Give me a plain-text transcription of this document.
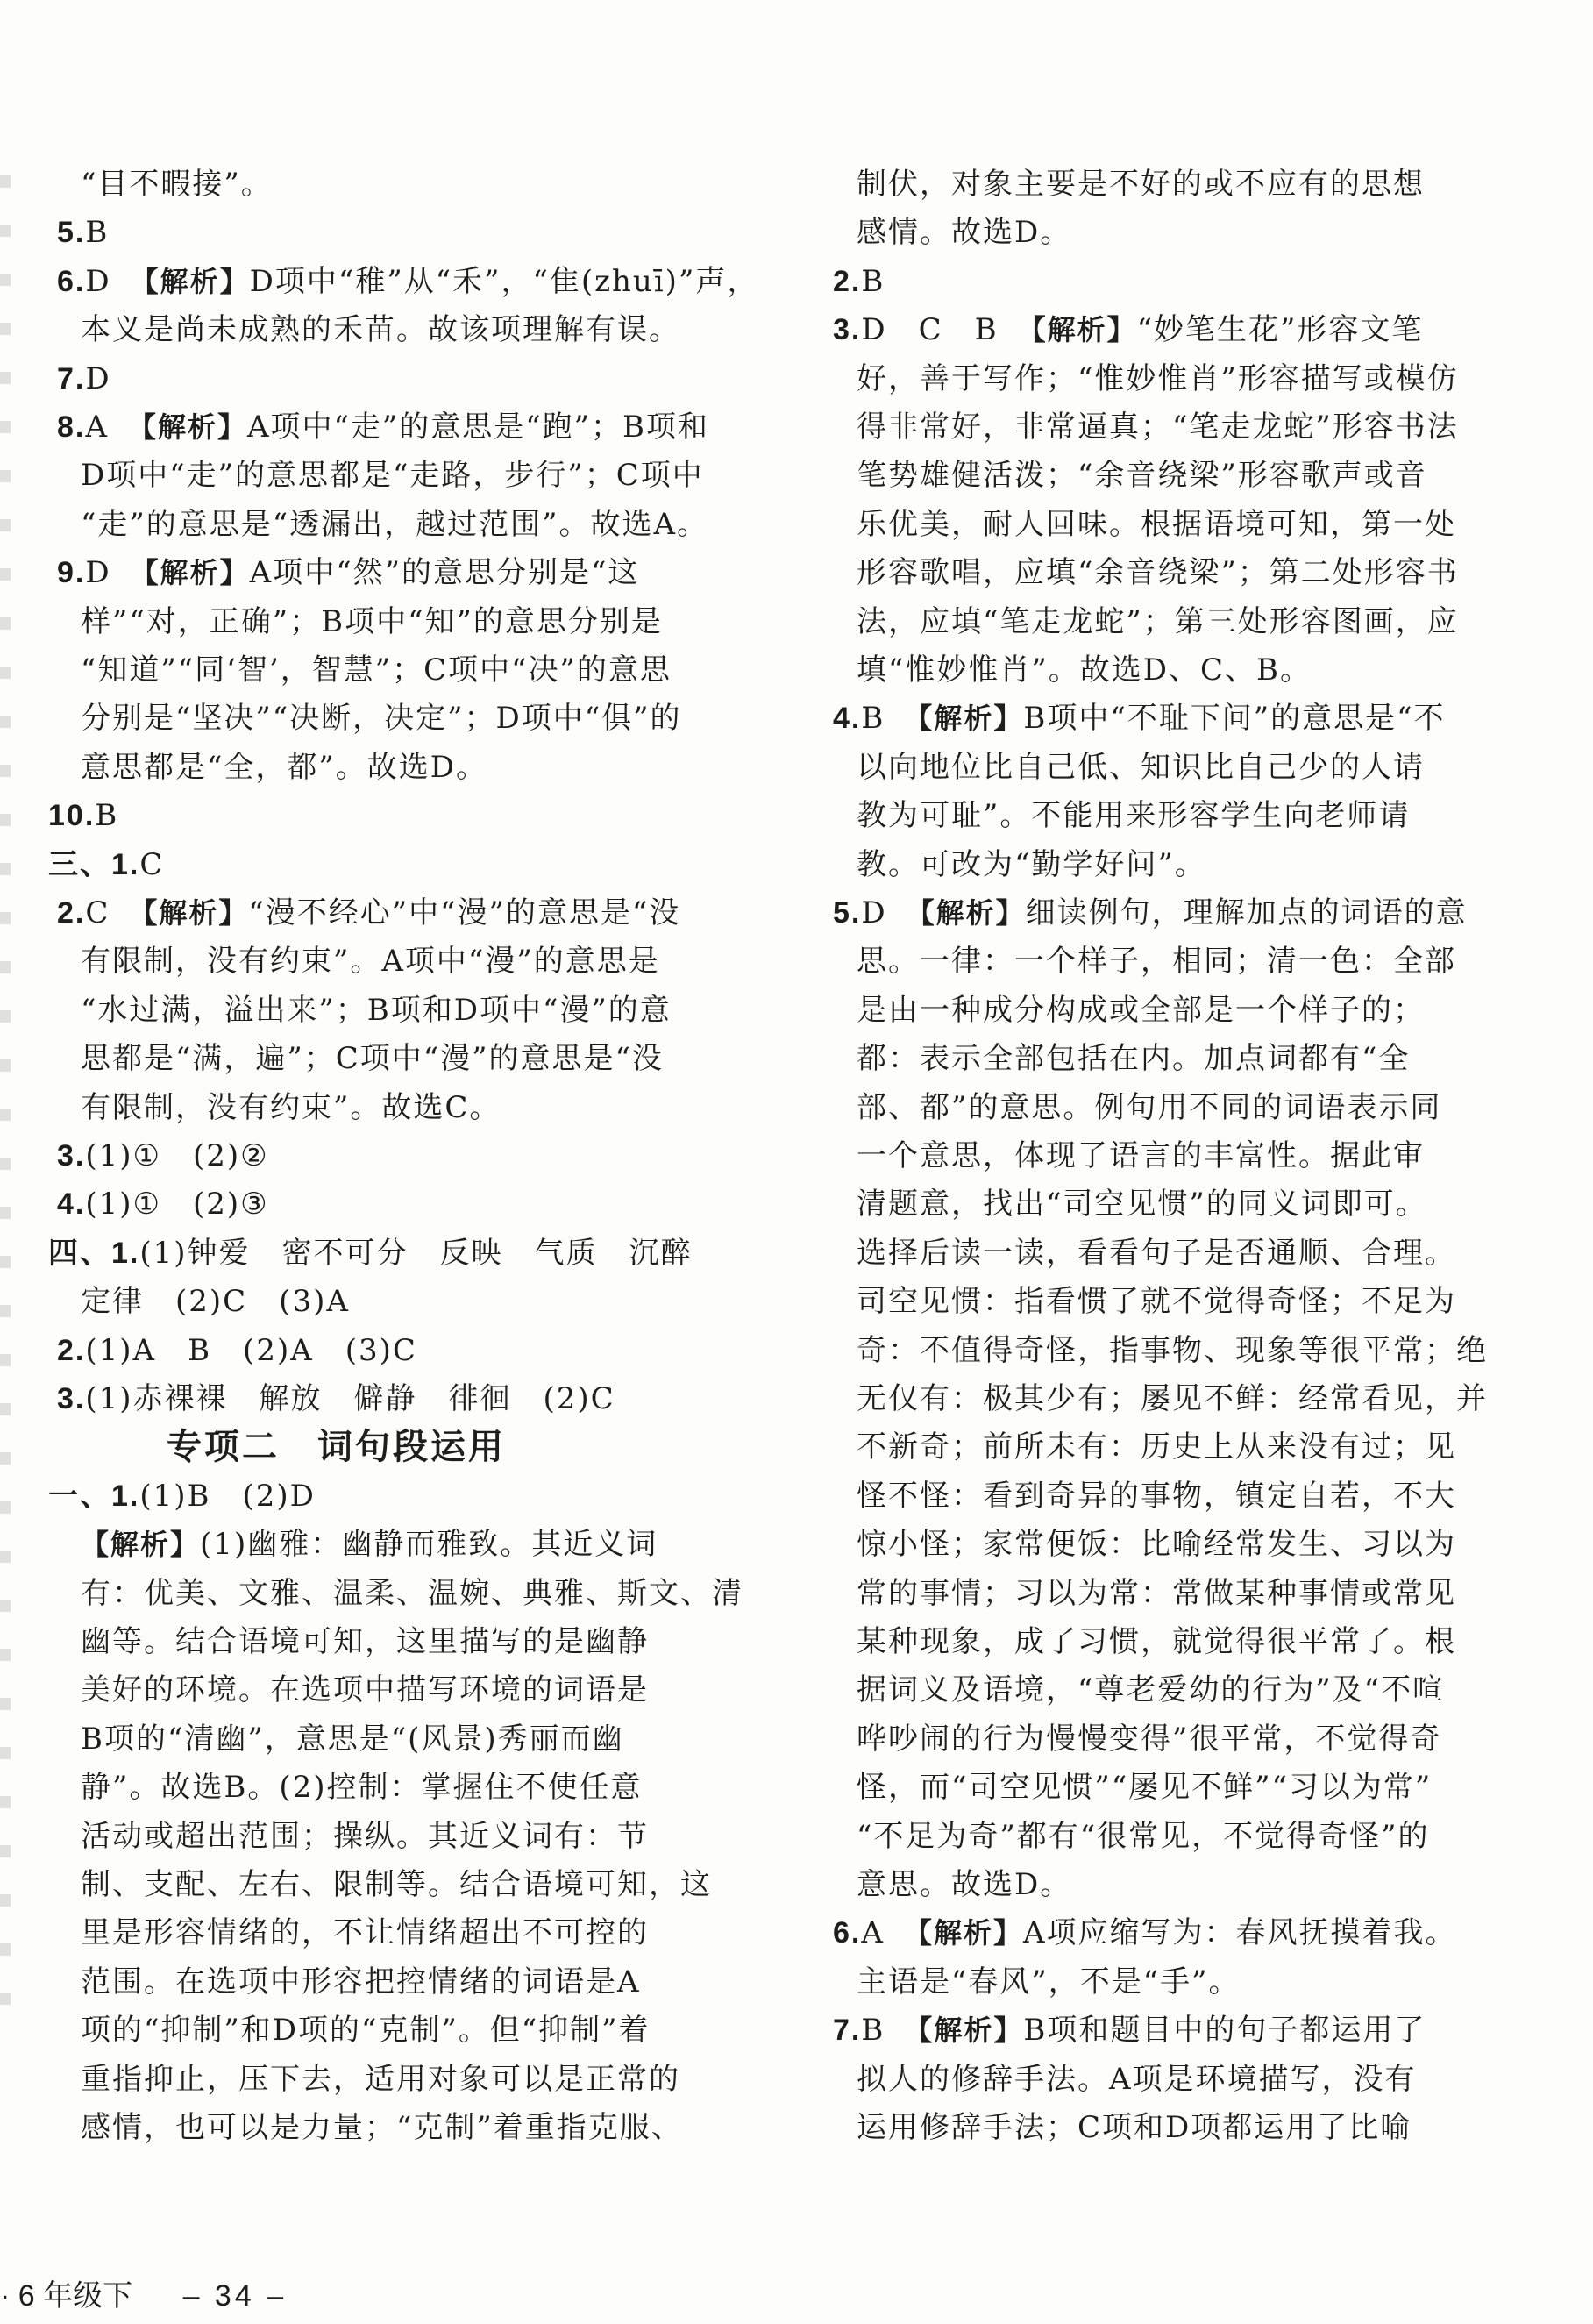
“目不暇接”。
5.B
6.D 【解析】D项中“稚”从“禾”，“隹(zhuī)”声，
本义是尚未成熟的禾苗。故该项理解有误。
7.D
8.A 【解析】A项中“走”的意思是“跑”；B项和
D项中“走”的意思都是“走路，步行”；C项中
“走”的意思是“透漏出，越过范围”。故选A。
9.D 【解析】A项中“然”的意思分别是“这
样”“对，正确”；B项中“知”的意思分别是
“知道”“同‘智’，智慧”；C项中“决”的意思
分别是“坚决”“决断，决定”；D项中“俱”的
意思都是“全，都”。故选D。
10.B
三、1.C
2.C 【解析】“漫不经心”中“漫”的意思是“没
有限制，没有约束”。A项中“漫”的意思是
“水过满，溢出来”；B项和D项中“漫”的意
思都是“满，遍”；C项中“漫”的意思是“没
有限制，没有约束”。故选C。
3.(1)①　(2)②
4.(1)①　(2)③
四、1.(1)钟爱　密不可分　反映　气质　沉醉
定律　(2)C　(3)A
2.(1)A　B　(2)A　(3)C
3.(1)赤裸裸　解放　僻静　徘徊　(2)C
一、1.(1)B　(2)D
【解析】(1)幽雅：幽静而雅致。其近义词
有：优美、文雅、温柔、温婉、典雅、斯文、清
幽等。结合语境可知，这里描写的是幽静
美好的环境。在选项中描写环境的词语是
B项的“清幽”，意思是“(风景)秀丽而幽
静”。故选B。(2)控制：掌握住不使任意
活动或超出范围；操纵。其近义词有：节
制、支配、左右、限制等。结合语境可知，这
里是形容情绪的，不让情绪超出不可控的
范围。在选项中形容把控情绪的词语是A
项的“抑制”和D项的“克制”。但“抑制”着
重指抑止，压下去，适用对象可以是正常的
感情，也可以是力量；“克制”着重指克服、
制伏，对象主要是不好的或不应有的思想
感情。故选D。
2.B
3.D　C　B 【解析】“妙笔生花”形容文笔
好，善于写作；“惟妙惟肖”形容描写或模仿
得非常好，非常逼真；“笔走龙蛇”形容书法
笔势雄健活泼；“余音绕梁”形容歌声或音
乐优美，耐人回味。根据语境可知，第一处
形容歌唱，应填“余音绕梁”；第二处形容书
法，应填“笔走龙蛇”；第三处形容图画，应
填“惟妙惟肖”。故选D、C、B。
4.B 【解析】B项中“不耻下问”的意思是“不
以向地位比自己低、知识比自己少的人请
教为可耻”。不能用来形容学生向老师请
教。可改为“勤学好问”。
5.D 【解析】细读例句，理解加点的词语的意
思。一律：一个样子，相同；清一色：全部
是由一种成分构成或全部是一个样子的；
都：表示全部包括在内。加点词都有“全
部、都”的意思。例句用不同的词语表示同
一个意思，体现了语言的丰富性。据此审
清题意，找出“司空见惯”的同义词即可。
选择后读一读，看看句子是否通顺、合理。
司空见惯：指看惯了就不觉得奇怪；不足为
奇：不值得奇怪，指事物、现象等很平常；绝
无仅有：极其少有；屡见不鲜：经常看见，并
不新奇；前所未有：历史上从来没有过；见
怪不怪：看到奇异的事物，镇定自若，不大
惊小怪；家常便饭：比喻经常发生、习以为
常的事情；习以为常：常做某种事情或常见
某种现象，成了习惯，就觉得很平常了。根
据词义及语境，“尊老爱幼的行为”及“不喧
哗吵闹的行为慢慢变得”很平常，不觉得奇
怪，而“司空见惯”“屡见不鲜”“习以为常”
“不足为奇”都有“很常见，不觉得奇怪”的
意思。故选D。
6.A 【解析】A项应缩写为：春风抚摸着我。
主语是“春风”，不是“手”。
7.B 【解析】B项和题目中的句子都运用了
拟人的修辞手法。A项是环境描写，没有
运用修辞手法；C项和D项都运用了比喻
专项二　词句段运用
· 6 年级下 – 34 –
